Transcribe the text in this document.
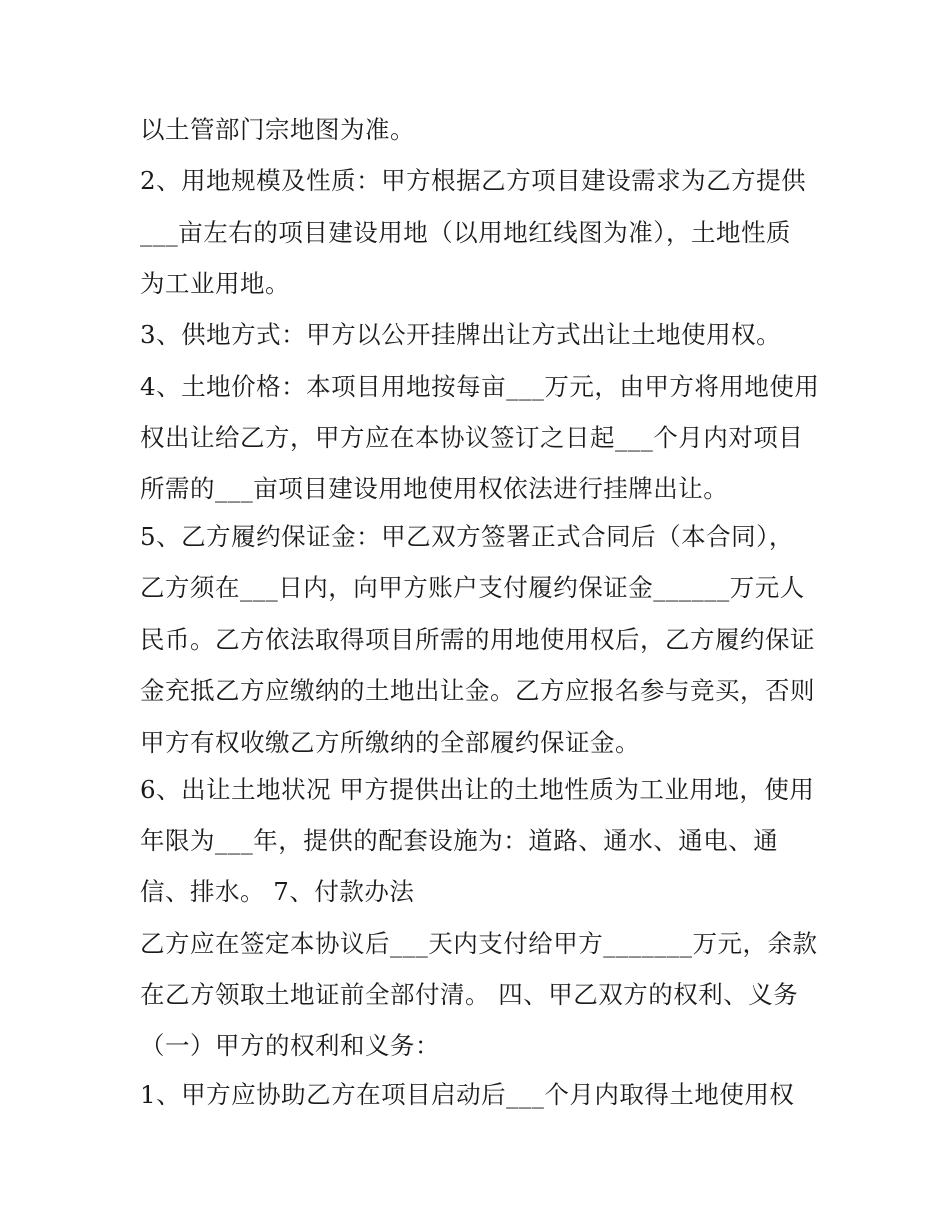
以土管部门宗地图为准。

2、用地规模及性质：甲方根据乙方项目建设需求为乙方提供

___亩左右的项目建设用地（以用地红线图为准），土地性质

为工业用地。

3、供地方式：甲方以公开挂牌出让方式出让土地使用权。

4、土地价格：本项目用地按每亩___万元，由甲方将用地使用

权出让给乙方，甲方应在本协议签订之日起___个月内对项目

所需的___亩项目建设用地使用权依法进行挂牌出让。

5、乙方履约保证金：甲乙双方签署正式合同后（本合同），

乙方须在___日内，向甲方账户支付履约保证金______万元人

民币。乙方依法取得项目所需的用地使用权后，乙方履约保证

金充抵乙方应缴纳的土地出让金。乙方应报名参与竞买，否则

甲方有权收缴乙方所缴纳的全部履约保证金。

6、出让土地状况 甲方提供出让的土地性质为工业用地，使用

年限为___年，提供的配套设施为：道路、通水、通电、通

信、排水。 7、付款办法

乙方应在签定本协议后___天内支付给甲方_______万元，余款

在乙方领取土地证前全部付清。 四、甲乙双方的权利、义务

（一）甲方的权利和义务：

1、甲方应协助乙方在项目启动后___个月内取得土地使用权
